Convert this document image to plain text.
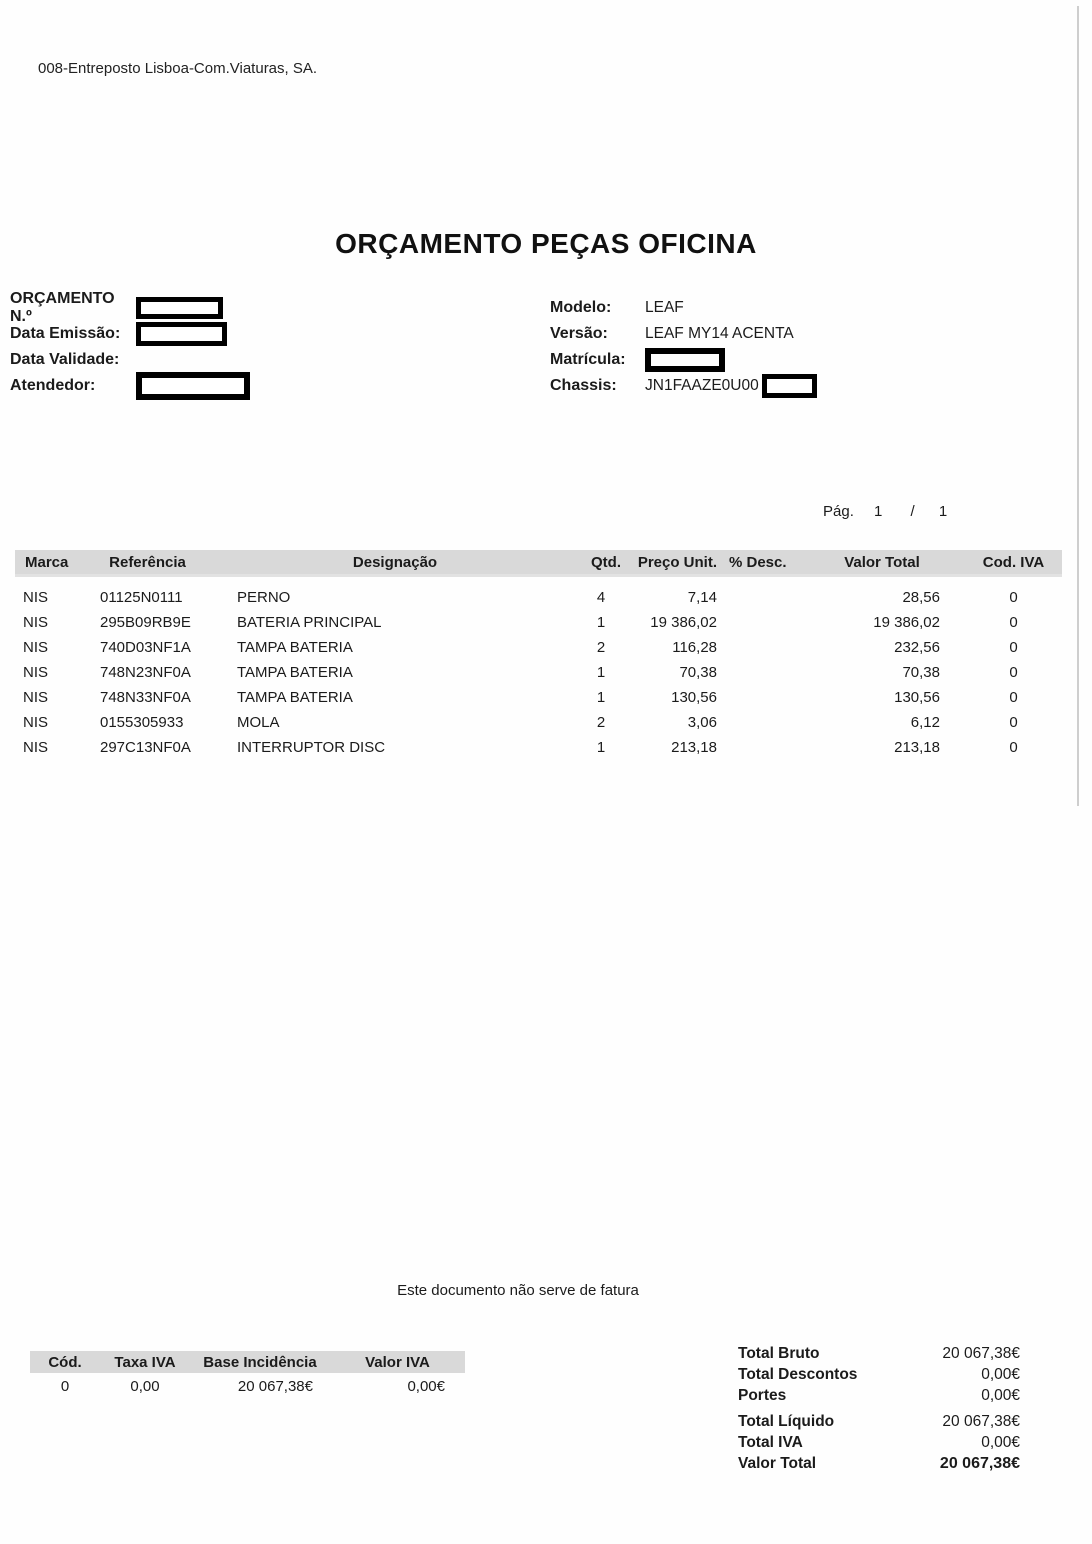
008-Entreposto Lisboa-Com.Viaturas, SA.
ORÇAMENTO PEÇAS OFICINA
ORÇAMENTO N.º
Data Emissão:
Data Validade:
Atendedor:
Modelo:	LEAF
Versão:	LEAF MY14 ACENTA
Matrícula:
Chassis:	JN1FAAZE0U00
Pág. 1 / 1
Marca	Referência	Designação	Qtd.	Preço Unit. % Desc.	Valor Total	Cod. IVA
NIS	01125N0111	PERNO	4	7,14	28,56	0
NIS	295B09RB9E	BATERIA PRINCIPAL	1	19 386,02	19 386,02	0
NIS	740D03NF1A	TAMPA BATERIA	2	116,28	232,56	0
NIS	748N23NF0A	TAMPA BATERIA	1	70,38	70,38	0
NIS	748N33NF0A	TAMPA BATERIA	1	130,56	130,56	0
NIS	0155305933	MOLA	2	3,06	6,12	0
NIS	297C13NF0A	INTERRUPTOR DISC	1	213,18	213,18	0
Este documento não serve de fatura
Cód.	Taxa IVA	Base Incidência	Valor IVA
0	0,00	20 067,38€	0,00€
Total Bruto	20 067,38€
Total Descontos	0,00€
Portes	0,00€
Total Líquido	20 067,38€
Total IVA	0,00€
Valor Total	20 067,38€
